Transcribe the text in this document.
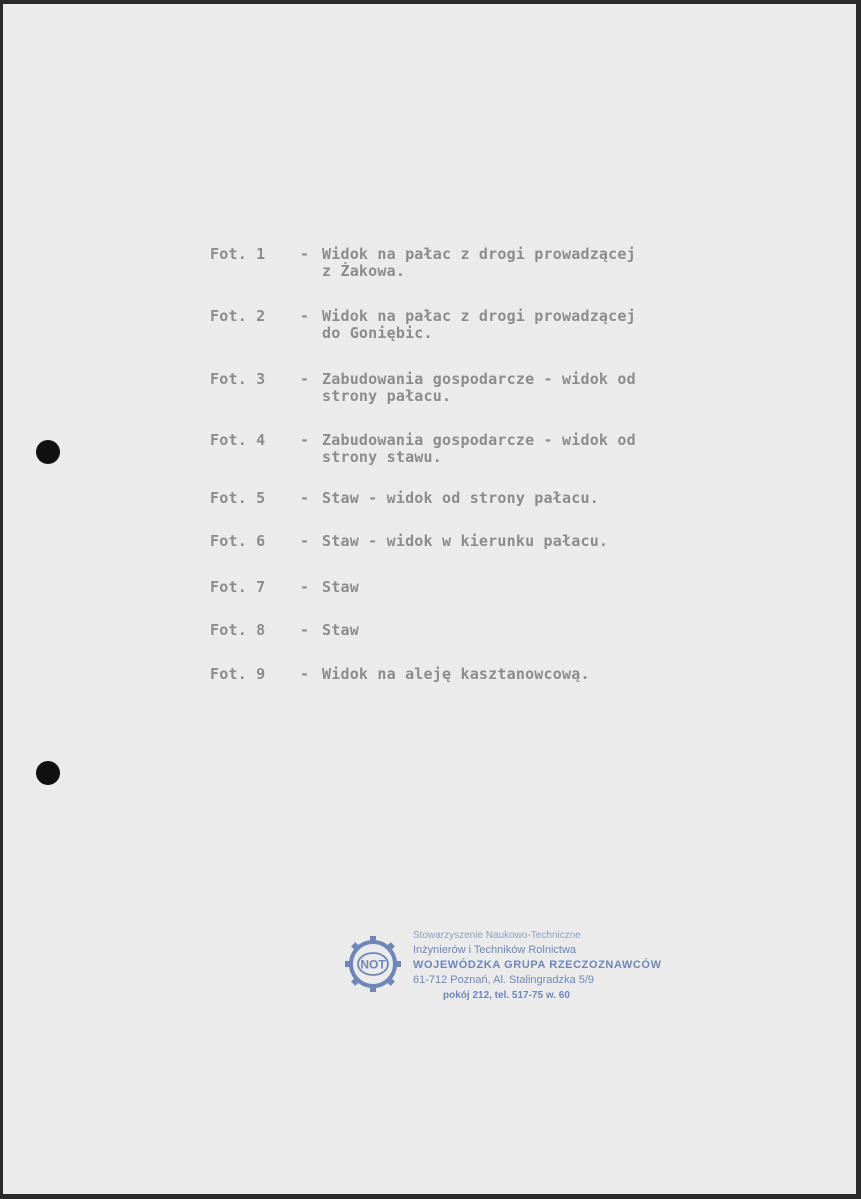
Fot. 1	- Widok na pałac z drogi prowadzącej
z Żakowa.
Fot. 2	- Widok na pałac z drogi prowadzącej
do Goniębic.
Fot. 3	- Zabudowania gospodarcze - widok od
strony pałacu.
Fot. 4	- Zabudowania gospodarcze - widok od
strony stawu.
Fot. 5	- Staw - widok od strony pałacu.
Fot. 6	- Staw - widok w kierunku pałacu.
Fot. 7	- Staw
Fot. 8	- Staw
Fot. 9	- Widok na aleję kasztanowcową.
NOT
Stowarzyszenie Naukowo-Techniczne
Inżynierów i Techników Rolnictwa
WOJEWÓDZKA GRUPA RZECZOZNAWCÓW
61-712 Poznań, Al. Stalingradzka 5/9
pokój 212, tel. 517-75 w. 60
